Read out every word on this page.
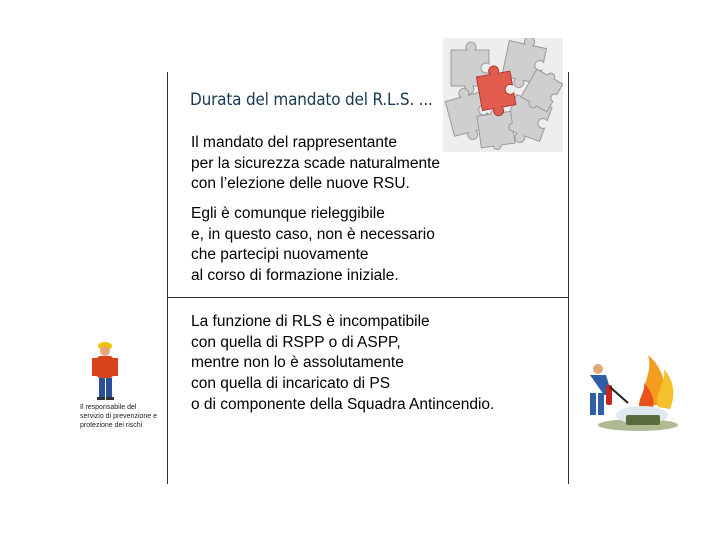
Durata del mandato del R.L.S. ...
Il mandato del rappresentante
per la sicurezza scade naturalmente
con l’elezione delle nuove RSU.
Egli è comunque rieleggibile
e, in questo caso, non è necessario
che partecipi nuovamente
al corso di formazione iniziale.
La funzione di RLS è incompatibile
con quella di RSPP o di ASPP,
mentre non lo è assolutamente
con quella di incaricato di PS
o di componente della Squadra Antincendio.
Il responsabile del
servizio di prevenzione e
protezione dei rischi
